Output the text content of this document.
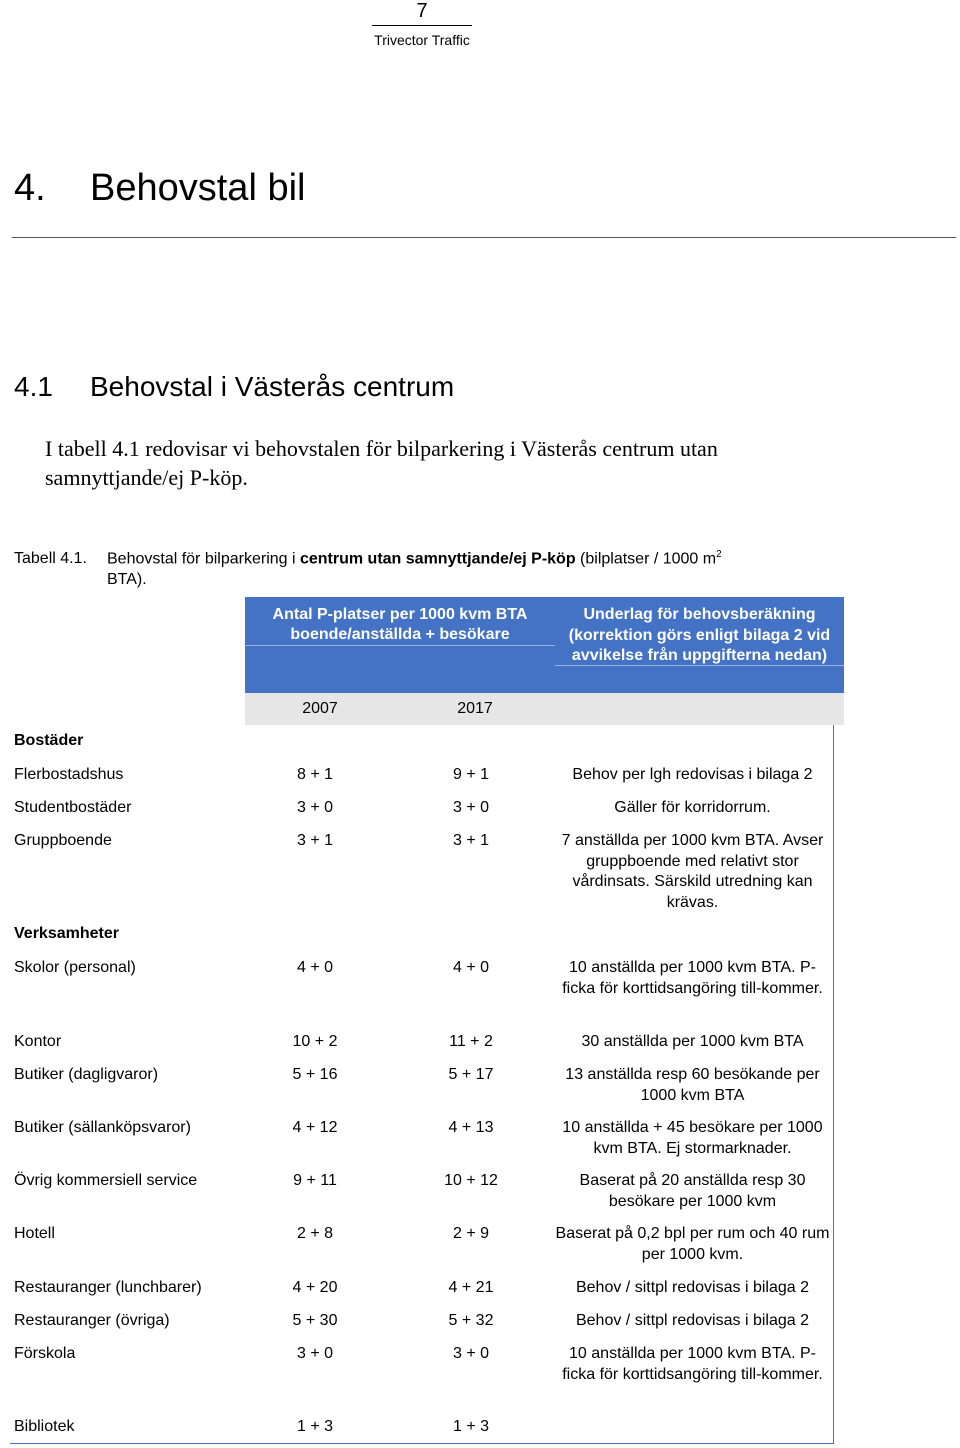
7
Trivector Traffic
4. Behovstal bil
4.1 Behovstal i Västerås centrum

I tabell 4.1 redovisar vi behovstalen för bilparkering i Västerås centrum utan samnyttjande/ej P-köp.

Tabell 4.1. Behovstal för bilparkering i centrum utan samnyttjande/ej P-köp (bilplatser / 1000 $m^2$
BTA).
Antal P-platser per 1000 kvm BTA boende/anställda + besökare
Underlag för behovsberäkning (korrektion görs enligt bilaga 2 vid avvikelse från uppgifterna nedan)
2007	2017
Bostäder
Flerbostadshus	8 + 1	9 + 1	Behov per lgh redovisas i bilaga 2
Studentbostäder	3 + 0	3 + 0	Gäller för korridorrum.
Gruppboende	3 + 1	3 + 1	7 anställda per 1000 kvm BTA. Avser gruppboende med relativt stor vårdinsats. Särskild utredning kan krävas.
Verksamheter
Skolor (personal)	4 + 0	4 + 0	10 anställda per 1000 kvm BTA. P-ficka för korttidsangöring till-kommer.
Kontor	10 + 2	11 + 2	30 anställda per 1000 kvm BTA
Butiker (dagligvaror)	5 + 16	5 + 17	13 anställda resp 60 besökande per 1000 kvm BTA
Butiker (sällanköpsvaror)	4 + 12	4 + 13	10 anställda + 45 besökare per 1000 kvm BTA. Ej stormarknader.
Övrig kommersiell service	9 + 11	10 + 12	Baserat på 20 anställda resp 30 besökare per 1000 kvm
Hotell	2 + 8	2 + 9	Baserat på 0,2 bpl per rum och 40 rum per 1000 kvm.
Restauranger (lunchbarer)	4 + 20	4 + 21	Behov / sittpl redovisas i bilaga 2
Restauranger (övriga)	5 + 30	5 + 32	Behov / sittpl redovisas i bilaga 2
Förskola	3 + 0	3 + 0	10 anställda per 1000 kvm BTA. P-ficka för korttidsangöring till-kommer.
Bibliotek	1 + 3	1 + 3
